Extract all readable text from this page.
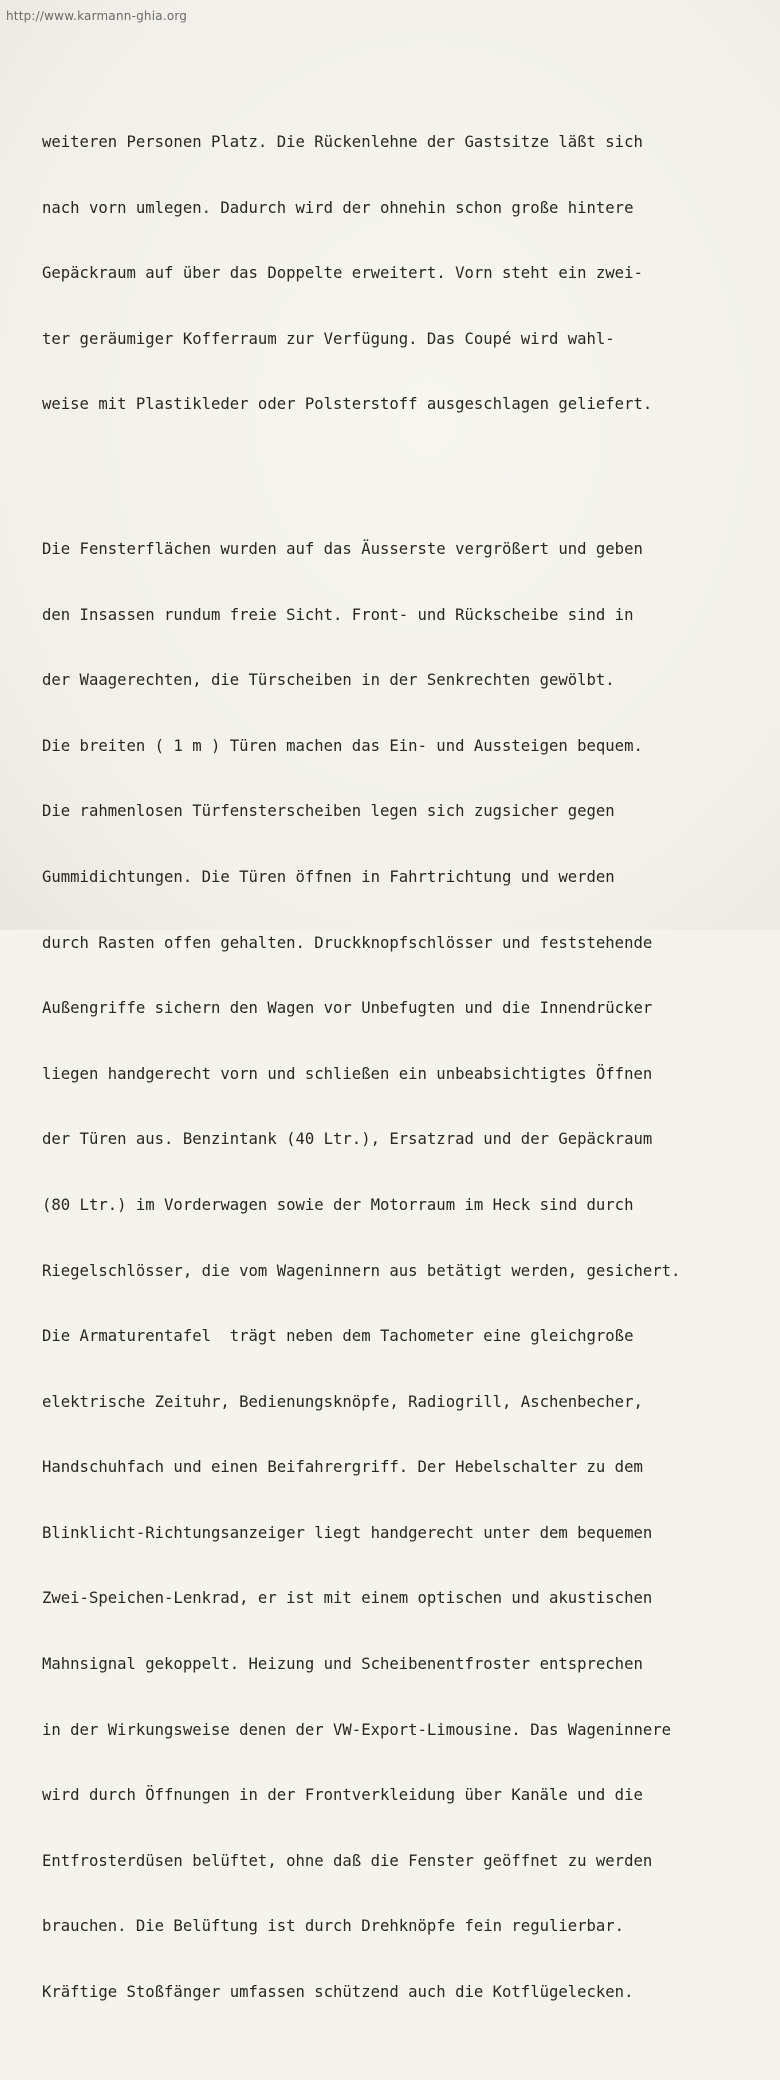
http://www.karmann-ghia.org

weiteren Personen Platz. Die Rückenlehne der Gastsitze läßt sich

nach vorn umlegen. Dadurch wird der ohnehin schon große hintere

Gepäckraum auf über das Doppelte erweitert. Vorn steht ein zwei-

ter geräumiger Kofferraum zur Verfügung. Das Coupé wird wahl-

weise mit Plastikleder oder Polsterstoff ausgeschlagen geliefert.

Die Fensterflächen wurden auf das Äusserste vergrößert und geben

den Insassen rundum freie Sicht. Front- und Rückscheibe sind in

der Waagerechten, die Türscheiben in der Senkrechten gewölbt.

Die breiten ( 1 m ) Türen machen das Ein- und Aussteigen bequem.

Die rahmenlosen Türfensterscheiben legen sich zugsicher gegen

Gummidichtungen. Die Türen öffnen in Fahrtrichtung und werden

durch Rasten offen gehalten. Druckknopfschlösser und feststehende

Außengriffe sichern den Wagen vor Unbefugten und die Innendrücker

liegen handgerecht vorn und schließen ein unbeabsichtigtes Öffnen

der Türen aus. Benzintank (40 Ltr.), Ersatzrad und der Gepäckraum

(80 Ltr.) im Vorderwagen sowie der Motorraum im Heck sind durch

Riegelschlösser, die vom Wageninnern aus betätigt werden, gesichert.

Die Armaturentafel  trägt neben dem Tachometer eine gleichgroße

elektrische Zeituhr, Bedienungsknöpfe, Radiogrill, Aschenbecher,

Handschuhfach und einen Beifahrergriff. Der Hebelschalter zu dem

Blinklicht-Richtungsanzeiger liegt handgerecht unter dem bequemen

Zwei-Speichen-Lenkrad, er ist mit einem optischen und akustischen

Mahnsignal gekoppelt. Heizung und Scheibenentfroster entsprechen

in der Wirkungsweise denen der VW-Export-Limousine. Das Wageninnere

wird durch Öffnungen in der Frontverkleidung über Kanäle und die

Entfrosterdüsen belüftet, ohne daß die Fenster geöffnet zu werden

brauchen. Die Belüftung ist durch Drehknöpfe fein regulierbar.

Kräftige Stoßfänger umfassen schützend auch die Kotflügelecken.
